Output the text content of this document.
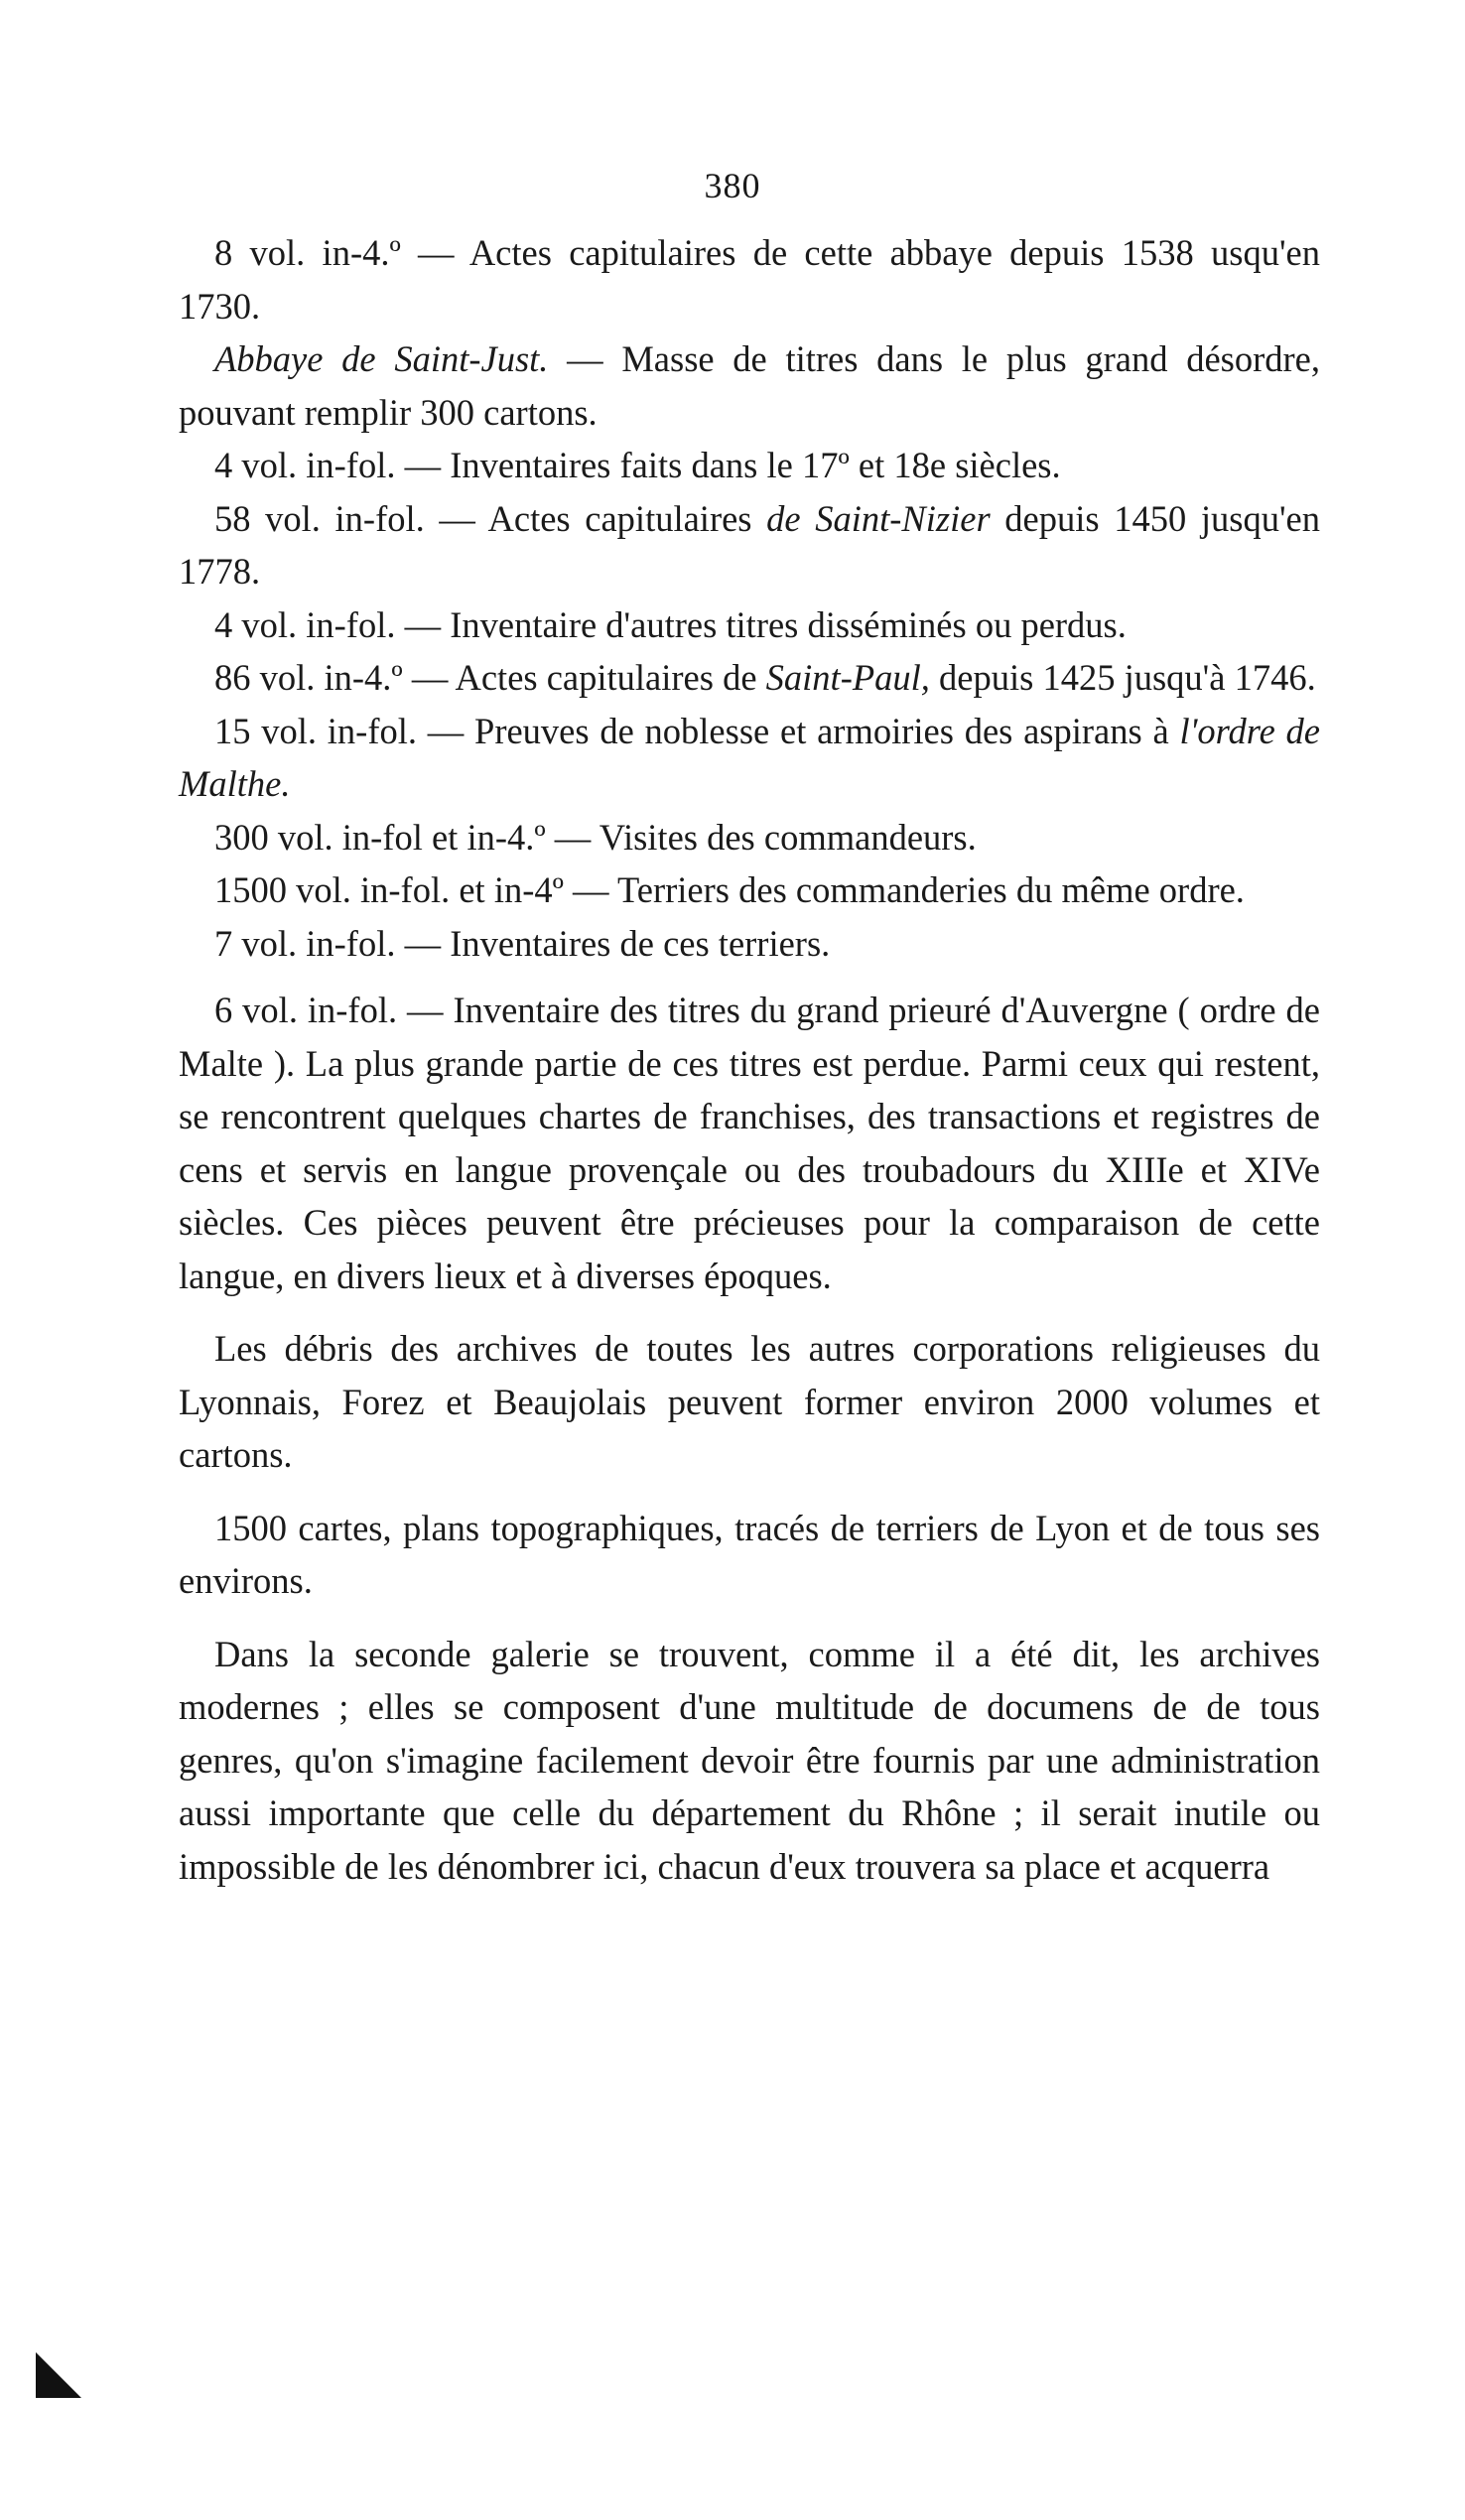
380

8 vol. in-4.º — Actes capitulaires de cette abbaye depuis 1538 usqu'en 1730.

Abbaye de Saint-Just. — Masse de titres dans le plus grand désordre, pouvant remplir 300 cartons.

4 vol. in-fol. — Inventaires faits dans le 17º et 18e siècles.

58 vol. in-fol. — Actes capitulaires de Saint-Nizier depuis 1450 jusqu'en 1778.

4 vol. in-fol. — Inventaire d'autres titres disséminés ou perdus.

86 vol. in-4.º — Actes capitulaires de Saint-Paul, depuis 1425 jusqu'à 1746.

15 vol. in-fol. — Preuves de noblesse et armoiries des aspirans à l'ordre de Malthe.

300 vol. in-fol et in-4.º — Visites des commandeurs.

1500 vol. in-fol. et in-4º — Terriers des commanderies du même ordre.

7 vol. in-fol. — Inventaires de ces terriers.

6 vol. in-fol. — Inventaire des titres du grand prieuré d'Auvergne ( ordre de Malte ). La plus grande partie de ces titres est perdue. Parmi ceux qui restent, se rencontrent quelques chartes de franchises, des transactions et registres de cens et servis en langue provençale ou des troubadours du XIIIe et XIVe siècles. Ces pièces peuvent être précieuses pour la comparaison de cette langue, en divers lieux et à diverses époques.

Les débris des archives de toutes les autres corporations religieuses du Lyonnais, Forez et Beaujolais peuvent former environ 2000 volumes et cartons.

1500 cartes, plans topographiques, tracés de terriers de Lyon et de tous ses environs.

Dans la seconde galerie se trouvent, comme il a été dit, les archives modernes ; elles se composent d'une multitude de documens de de tous genres, qu'on s'imagine facilement devoir être fournis par une administration aussi importante que celle du département du Rhône ; il serait inutile ou impossible de les dénombrer ici, chacun d'eux trouvera sa place et acquerra
